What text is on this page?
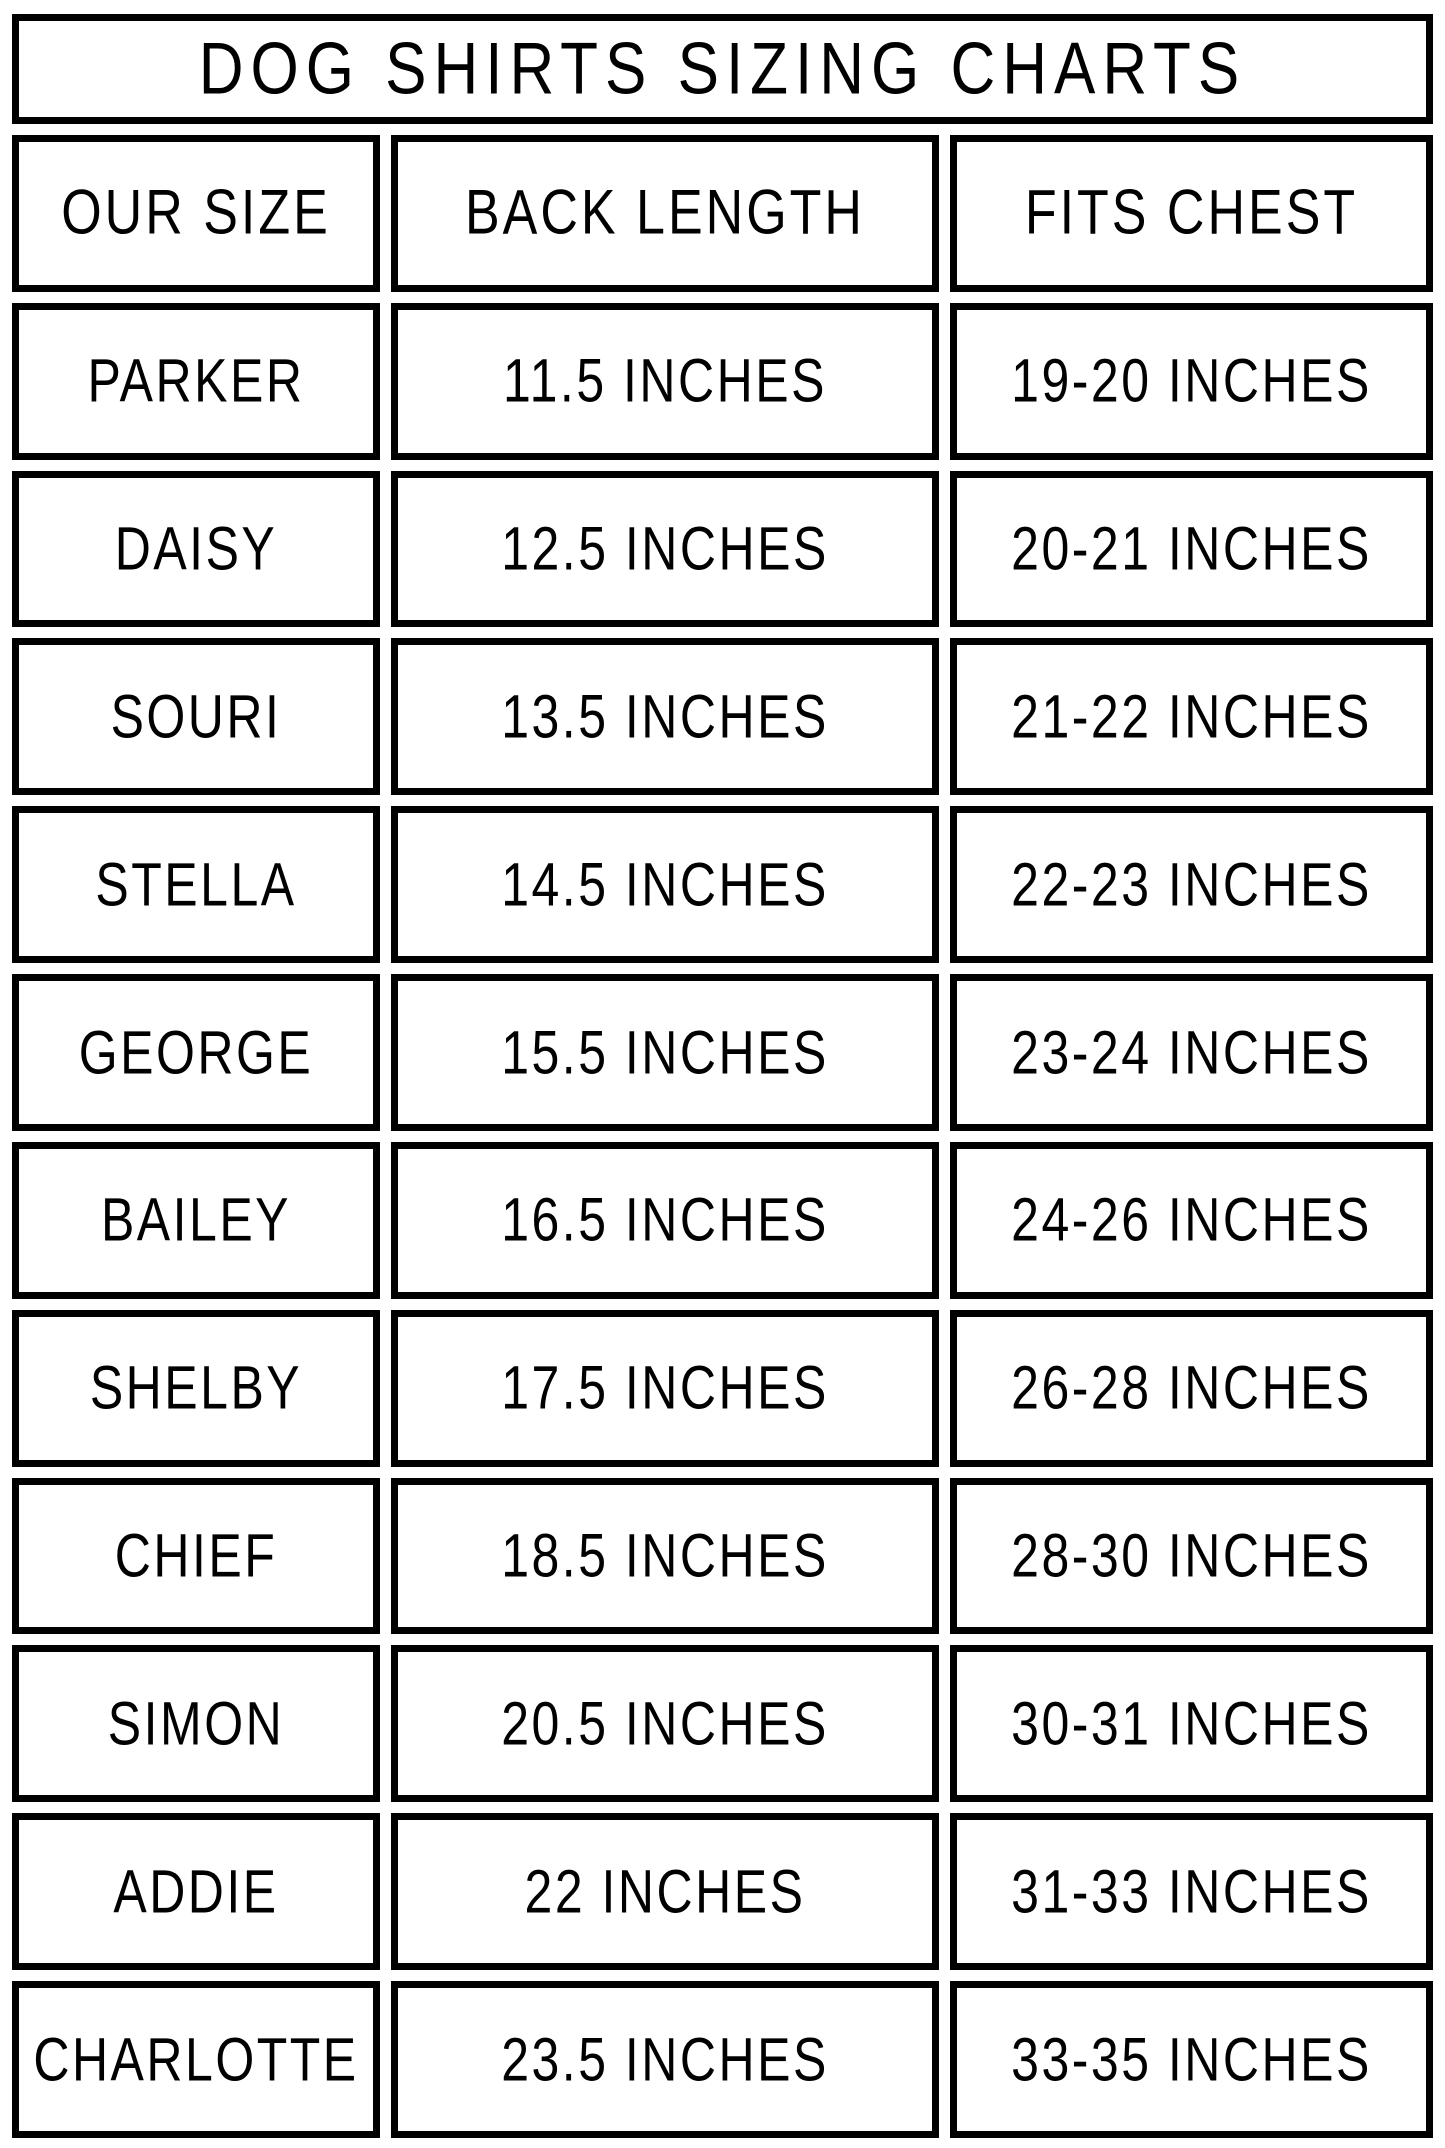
DOG SHIRTS SIZING CHARTS
OUR SIZE	BACK LENGTH	FITS CHEST
PARKER	11.5 INCHES	19-20 INCHES
DAISY	12.5 INCHES	20-21 INCHES
SOURI	13.5 INCHES	21-22 INCHES
STELLA	14.5 INCHES	22-23 INCHES
GEORGE	15.5 INCHES	23-24 INCHES
BAILEY	16.5 INCHES	24-26 INCHES
SHELBY	17.5 INCHES	26-28 INCHES
CHIEF	18.5 INCHES	28-30 INCHES
SIMON	20.5 INCHES	30-31 INCHES
ADDIE	22 INCHES	31-33 INCHES
CHARLOTTE	23.5 INCHES	33-35 INCHES
